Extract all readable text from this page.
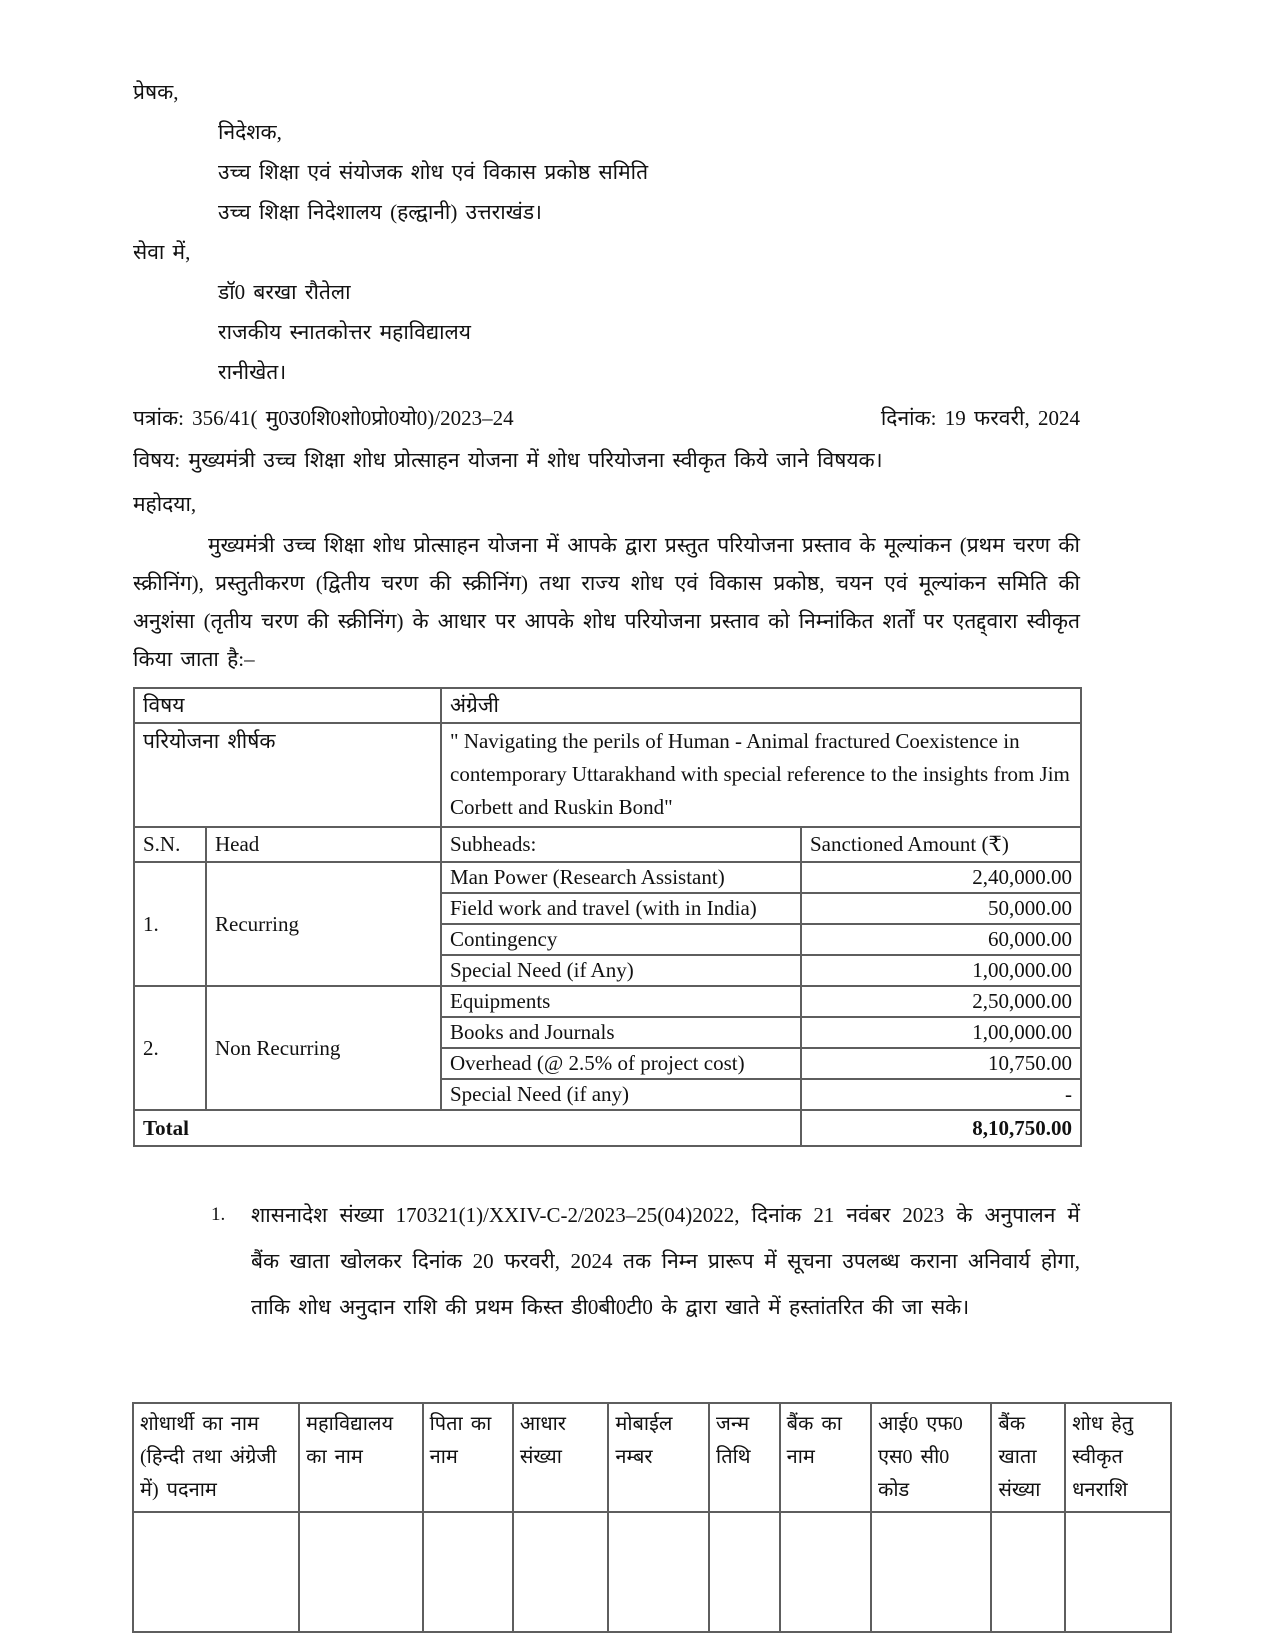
प्रेषक,
निदेशक,
उच्च शिक्षा एवं संयोजक शोध एवं विकास प्रकोष्ठ समिति
उच्च शिक्षा निदेशालय (हल्द्वानी) उत्तराखंड।
सेवा में,
डॉ0 बरखा रौतेला
राजकीय स्नातकोत्तर महाविद्यालय
रानीखेत।
पत्रांक: 356/41( मु0उ0शि0शो0प्रो0यो0)/2023–24	दिनांक: 19 फरवरी, 2024
विषय: मुख्यमंत्री उच्च शिक्षा शोध प्रोत्साहन योजना में शोध परियोजना स्वीकृत किये जाने विषयक।
महोदया,

मुख्यमंत्री उच्च शिक्षा शोध प्रोत्साहन योजना में आपके द्वारा प्रस्तुत परियोजना प्रस्ताव के मूल्यांकन (प्रथम चरण की स्क्रीनिंग), प्रस्तुतीकरण (द्वितीय चरण की स्क्रीनिंग) तथा राज्य शोध एवं विकास प्रकोष्ठ, चयन एवं मूल्यांकन समिति की अनुशंसा (तृतीय चरण की स्क्रीनिंग) के आधार पर आपके शोध परियोजना प्रस्ताव को निम्नांकित शर्तों पर एतद्द्वारा स्वीकृत किया जाता है:–

विषय		अंग्रेजी	
परियोजना शीर्षक		" Navigating the perils of Human - Animal fractured Coexistence in contemporary Uttarakhand with special reference to the insights from Jim Corbett and Ruskin Bond"	
S.N.	Head	Subheads:	Sanctioned Amount (₹)
1.	Recurring	Man Power (Research Assistant)	2,40,000.00
		Field work and travel (with in India)	50,000.00
		Contingency	60,000.00
		Special Need (if Any)	1,00,000.00
2.	Non Recurring	Equipments	2,50,000.00
		Books and Journals	1,00,000.00
		Overhead (@ 2.5% of project cost)	10,750.00
		Special Need (if any)	-
Total			8,10,750.00
1.	शासनादेश संख्या 170321(1)/XXIV-C-2/2023–25(04)2022, दिनांक 21 नवंबर 2023 के अनुपालन में बैंक खाता खोलकर दिनांक 20 फरवरी, 2024 तक निम्न प्रारूप में सूचना उपलब्ध कराना अनिवार्य होगा, ताकि शोध अनुदान राशि की प्रथम किस्त डी0बी0टी0 के द्वारा खाते में हस्तांतरित की जा सके।
शोधार्थी का नाम (हिन्दी तथा अंग्रेजी में) पदनाम	महाविद्यालय का नाम	पिता का नाम	आधार संख्या	मोबाईल नम्बर	जन्म तिथि	बैंक का नाम	आई0 एफ0 एस0 सी0 कोड	बैंक खाता संख्या	शोध हेतु स्वीकृत धनराशि
